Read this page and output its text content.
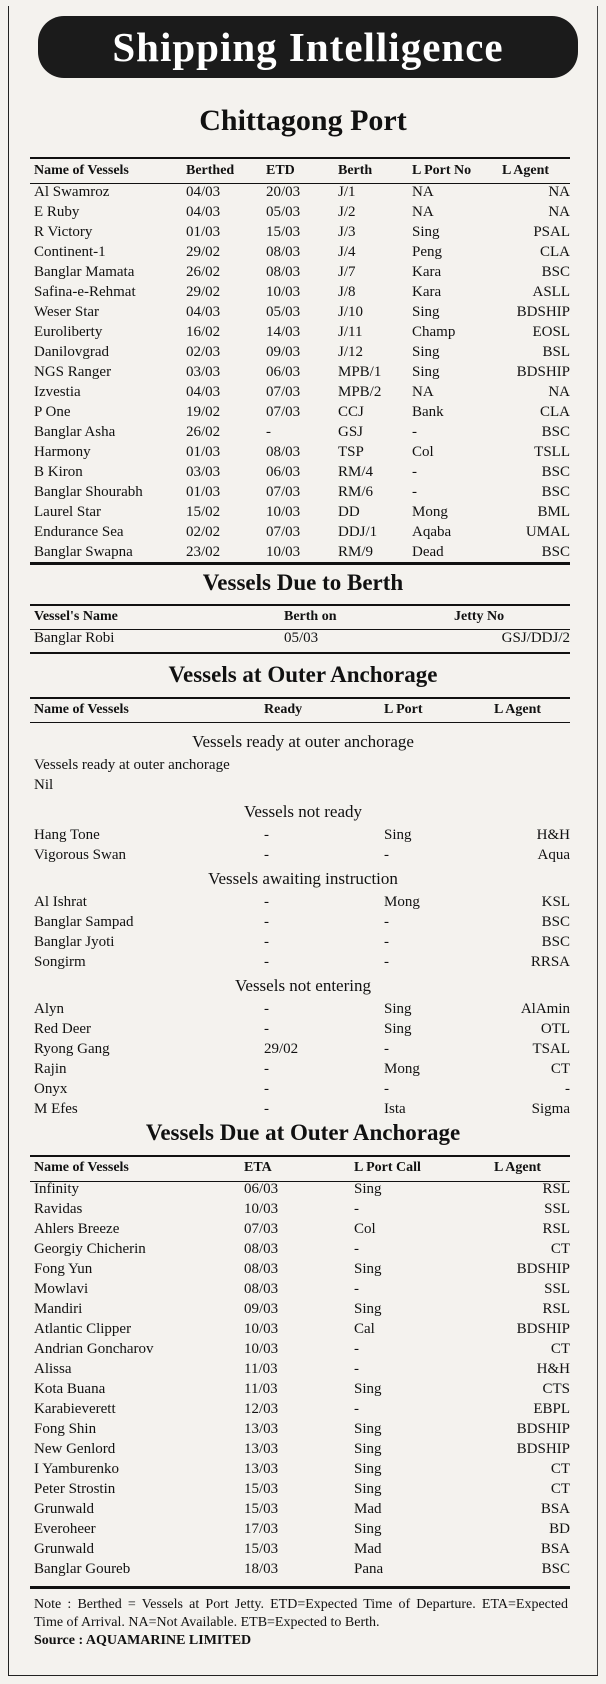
Shipping Intelligence
Chittagong Port
Name of Vessels	Berthed	ETD	Berth	L Port No	L Agent
Al Swamroz	04/03	20/03	J/1	NA	NA
E Ruby	04/03	05/03	J/2	NA	NA
R Victory	01/03	15/03	J/3	Sing	PSAL
Continent-1	29/02	08/03	J/4	Peng	CLA
Banglar Mamata	26/02	08/03	J/7	Kara	BSC
Safina-e-Rehmat	29/02	10/03	J/8	Kara	ASLL
Weser Star	04/03	05/03	J/10	Sing	BDSHIP
Euroliberty	16/02	14/03	J/11	Champ	EOSL
Danilovgrad	02/03	09/03	J/12	Sing	BSL
NGS Ranger	03/03	06/03	MPB/1	Sing	BDSHIP
Izvestia	04/03	07/03	MPB/2	NA	NA
P One	19/02	07/03	CCJ	Bank	CLA
Banglar Asha	26/02	-	GSJ	-	BSC
Harmony	01/03	08/03	TSP	Col	TSLL
B Kiron	03/03	06/03	RM/4	-	BSC
Banglar Shourabh	01/03	07/03	RM/6	-	BSC
Laurel Star	15/02	10/03	DD	Mong	BML
Endurance Sea	02/02	07/03	DDJ/1	Aqaba	UMAL
Banglar Swapna	23/02	10/03	RM/9	Dead	BSC
Vessels Due to Berth
Vessel's Name	Berth on	Jetty No
Banglar Robi	05/03	GSJ/DDJ/2
Vessels at Outer Anchorage
Name of Vessels	Ready	L Port	L Agent
Vessels ready at outer anchorage
Vessels ready at outer anchorage
Nil
Vessels not ready
Hang Tone	-	Sing	H&H
Vigorous Swan	-	-	Aqua
Vessels awaiting instruction
Al Ishrat	-	Mong	KSL
Banglar Sampad	-	-	BSC
Banglar Jyoti	-	-	BSC
Songirm	-	-	RRSA
Vessels not entering
Alyn	-	Sing	AlAmin
Red Deer	-	Sing	OTL
Ryong Gang	29/02	-	TSAL
Rajin	-	Mong	CT
Onyx	-	-	-
M Efes	-	Ista	Sigma
Vessels Due at Outer Anchorage
Name of Vessels	ETA	L Port Call	L Agent
Infinity	06/03	Sing	RSL
Ravidas	10/03	-	SSL
Ahlers Breeze	07/03	Col	RSL
Georgiy Chicherin	08/03	-	CT
Fong Yun	08/03	Sing	BDSHIP
Mowlavi	08/03	-	SSL
Mandiri	09/03	Sing	RSL
Atlantic Clipper	10/03	Cal	BDSHIP
Andrian Goncharov	10/03	-	CT
Alissa	11/03	-	H&H
Kota Buana	11/03	Sing	CTS
Karabieverett	12/03	-	EBPL
Fong Shin	13/03	Sing	BDSHIP
New Genlord	13/03	Sing	BDSHIP
I Yamburenko	13/03	Sing	CT
Peter Strostin	15/03	Sing	CT
Grunwald	15/03	Mad	BSA
Everoheer	17/03	Sing	BD
Grunwald	15/03	Mad	BSA
Banglar Goureb	18/03	Pana	BSC
Note : Berthed = Vessels at Port Jetty. ETD=Expected Time of Departure. ETA=Expected Time of Arrival. NA=Not Available. ETB=Expected to Berth.
Source : AQUAMARINE LIMITED
